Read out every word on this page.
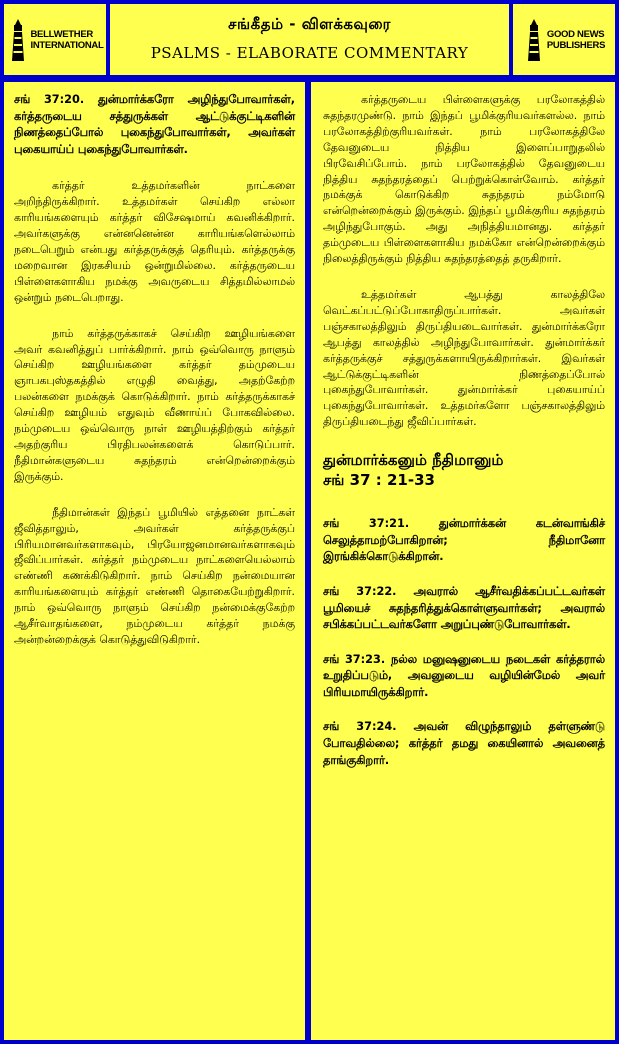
BELLWETHER
INTERNATIONAL
சங்கீதம் - விளக்கவுரை
PSALMS - ELABORATE COMMENTARY
GOOD NEWS
PUBLISHERS

சங் 37:20. துன்மார்க்கரோ அழிந்துபோவார்கள், கர்த்தருடைய சத்துருக்கள் ஆட்டுக்குட்டிகளின் நிணத்தைப்போல் புகைந்துபோவார்கள், அவர்கள் புகையாய்ப் புகைந்துபோவார்கள்.

கர்த்தர் உத்தமர்களின் நாட்களை அறிந்திருக்கிறார். உத்தமர்கள் செய்கிற எல்லா காரியங்களையும் கர்த்தர் விசேஷமாய் கவனிக்கிறார். அவர்களுக்கு என்னனென்ன காரியங்களெல்லாம் நடைபெறும் என்பது கர்த்தருக்குத் தெரியும். கர்த்தருக்கு மறைவான இரகசியம் ஒன்றுமில்லை. கர்த்தருடைய பிள்ளைகளாகிய நமக்கு அவருடைய சித்தமில்லாமல் ஒன்றும் நடைபெறாது.

நாம் கர்த்தருக்காகச் செய்கிற ஊழியங்களை அவர் கவனித்துப் பார்க்கிறார். நாம் ஒவ்வொரு நாளும் செய்கிற ஊழியங்களை கர்த்தர் தம்முடைய ஞாபகபுஸ்தகத்தில் எழுதி வைத்து, அதற்கேற்ற பலன்களை நமக்குக் கொடுக்கிறார். நாம் கர்த்தருக்காகச் செய்கிற ஊழியம் எதுவும் வீணாய்ப் போகவில்லை. நம்முடைய ஒவ்வொரு நாள் ஊழியத்திற்கும் கர்த்தர் அதற்குரிய பிரதிபலன்களைக் கொடுப்பார். நீதிமான்களுடைய சுதந்தரம் என்றென்றைக்கும் இருக்கும்.

நீதிமான்கள் இந்தப் பூமியில் எத்தனை நாட்கள் ஜீவித்தாலும், அவர்கள் கர்த்தருக்குப் பிரியமானவர்களாகவும், பிரயோஜனமானவர்களாகவும் ஜீவிப்பார்கள். கர்த்தர் நம்முடைய நாட்களையெல்லாம் எண்ணி கணக்கிடுகிறார். நாம் செய்கிற நன்மையான காரியங்களையும் கர்த்தர் எண்ணி தொகையேற்றுகிறார். நாம் ஒவ்வொரு நாளும் செய்கிற நன்மைக்குகேற்ற ஆசீர்வாதங்களை, நம்முடைய கர்த்தர் நமக்கு அன்றன்றைக்குக் கொடுத்துவிடுகிறார்.

கர்த்தருடைய பிள்ளைகளுக்கு பரலோகத்தில் சுதந்தரமுண்டு. நாம் இந்தப் பூமிக்குரியவர்களல்ல. நாம் பரலோகத்திற்குரியவர்கள். நாம் பரலோகத்திலே தேவனுடைய நித்திய இளைப்பாறுதலில் பிரவேசிப்போம். நாம் பரலோகத்தில் தேவனுடைய நித்திய சுதந்தரத்தைப் பெற்றுக்கொள்வோம். கர்த்தர் நமக்குக் கொடுக்கிற சுதந்தரம் நம்மோடு என்றென்றைக்கும் இருக்கும். இந்தப் பூமிக்குரிய சுதந்தரம் அழிந்துபோகும். அது அநித்தியமானது. கர்த்தர் தம்முடைய பிள்ளைகளாகிய நமக்கோ என்றென்றைக்கும் நிலைத்திருக்கும் நித்திய சுதந்தரத்தைத் தருகிறார்.

உத்தமர்கள் ஆபத்து காலத்திலே வெட்கப்பட்டுப்போகாதிருப்பார்கள். அவர்கள் பஞ்சகாலத்திலும் திருப்தியடைவார்கள். துன்மார்க்கரோ ஆபத்து காலத்தில் அழிந்துபோவார்கள். துன்மார்க்கர் கர்த்தருக்குச் சத்துருக்களாயிருக்கிறார்கள். இவர்கள் ஆட்டுக்குட்டிகளின் நிணத்தைப்போல் புகைந்துபோவார்கள். துன்மார்க்கர் புகையாய்ப் புகைந்துபோவார்கள். உத்தமர்களோ பஞ்சகாலத்திலும் திருப்தியடைந்து ஜீவிப்பார்கள்.

துன்மார்க்கனும் நீதிமானும்
சங் 37 : 21-33

சங் 37:21. துன்மார்க்கன் கடன்வாங்கிச் செலுத்தாமற்போகிறான்; நீதிமானோ இரங்கிக்கொடுக்கிறான்.

சங் 37:22. அவரால் ஆசீர்வதிக்கப்பட்டவர்கள் பூமியைச் சுதந்தரித்துக்கொள்ளுவார்கள்; அவரால் சபிக்கப்பட்டவர்களோ அறுப்புண்டுபோவார்கள்.

சங் 37:23. நல்ல மனுஷனுடைய நடைகள் கர்த்தரால் உறுதிப்படும், அவனுடைய வழியின்மேல் அவர் பிரியமாயிருக்கிறார்.

சங் 37:24. அவன் விழுந்தாலும் தள்ளுண்டு போவதில்லை; கர்த்தர் தமது கையினால் அவனைத் தாங்குகிறார்.
